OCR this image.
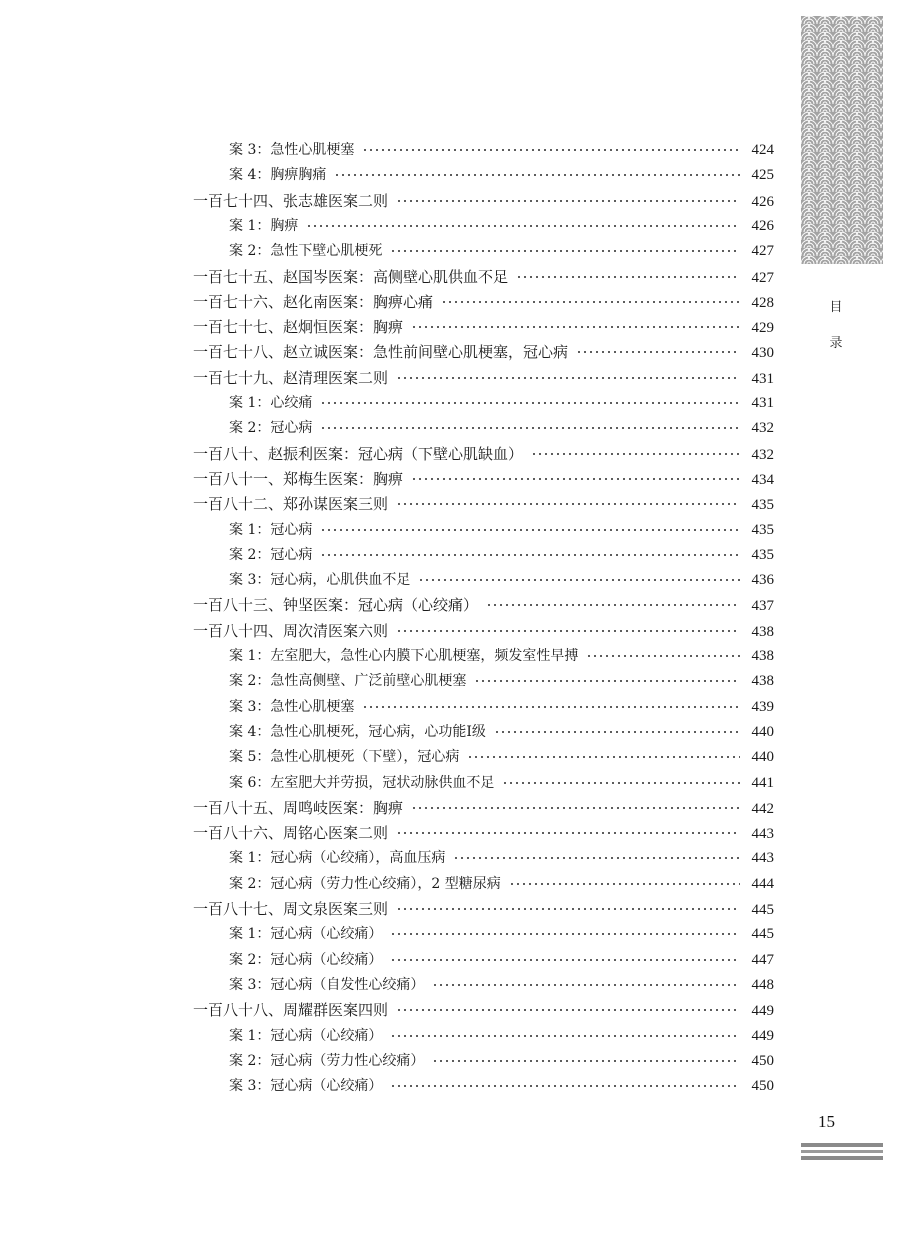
目
录
案 3：急性心肌梗塞	424
案 4：胸痹胸痛	425
一百七十四、张志雄医案二则	426
案 1：胸痹	426
案 2：急性下壁心肌梗死	427
一百七十五、赵国岑医案：高侧壁心肌供血不足	427
一百七十六、赵化南医案：胸痹心痛	428
一百七十七、赵炯恒医案：胸痹	429
一百七十八、赵立诚医案：急性前间壁心肌梗塞，冠心病	430
一百七十九、赵清理医案二则	431
案 1：心绞痛	431
案 2：冠心病	432
一百八十、赵振利医案：冠心病（下壁心肌缺血）	432
一百八十一、郑梅生医案：胸痹	434
一百八十二、郑孙谋医案三则	435
案 1：冠心病	435
案 2：冠心病	435
案 3：冠心病，心肌供血不足	436
一百八十三、钟坚医案：冠心病（心绞痛）	437
一百八十四、周次清医案六则	438
案 1：左室肥大，急性心内膜下心肌梗塞，频发室性早搏	438
案 2：急性高侧壁、广泛前壁心肌梗塞	438
案 3：急性心肌梗塞	439
案 4：急性心肌梗死，冠心病，心功能Ⅰ级	440
案 5：急性心肌梗死（下壁），冠心病	440
案 6：左室肥大并劳损，冠状动脉供血不足	441
一百八十五、周鸣岐医案：胸痹	442
一百八十六、周铭心医案二则	443
案 1：冠心病（心绞痛），高血压病	443
案 2：冠心病（劳力性心绞痛），2 型糖尿病	444
一百八十七、周文泉医案三则	445
案 1：冠心病（心绞痛）	445
案 2：冠心病（心绞痛）	447
案 3：冠心病（自发性心绞痛）	448
一百八十八、周耀群医案四则	449
案 1：冠心病（心绞痛）	449
案 2：冠心病（劳力性心绞痛）	450
案 3：冠心病（心绞痛）	450
15
